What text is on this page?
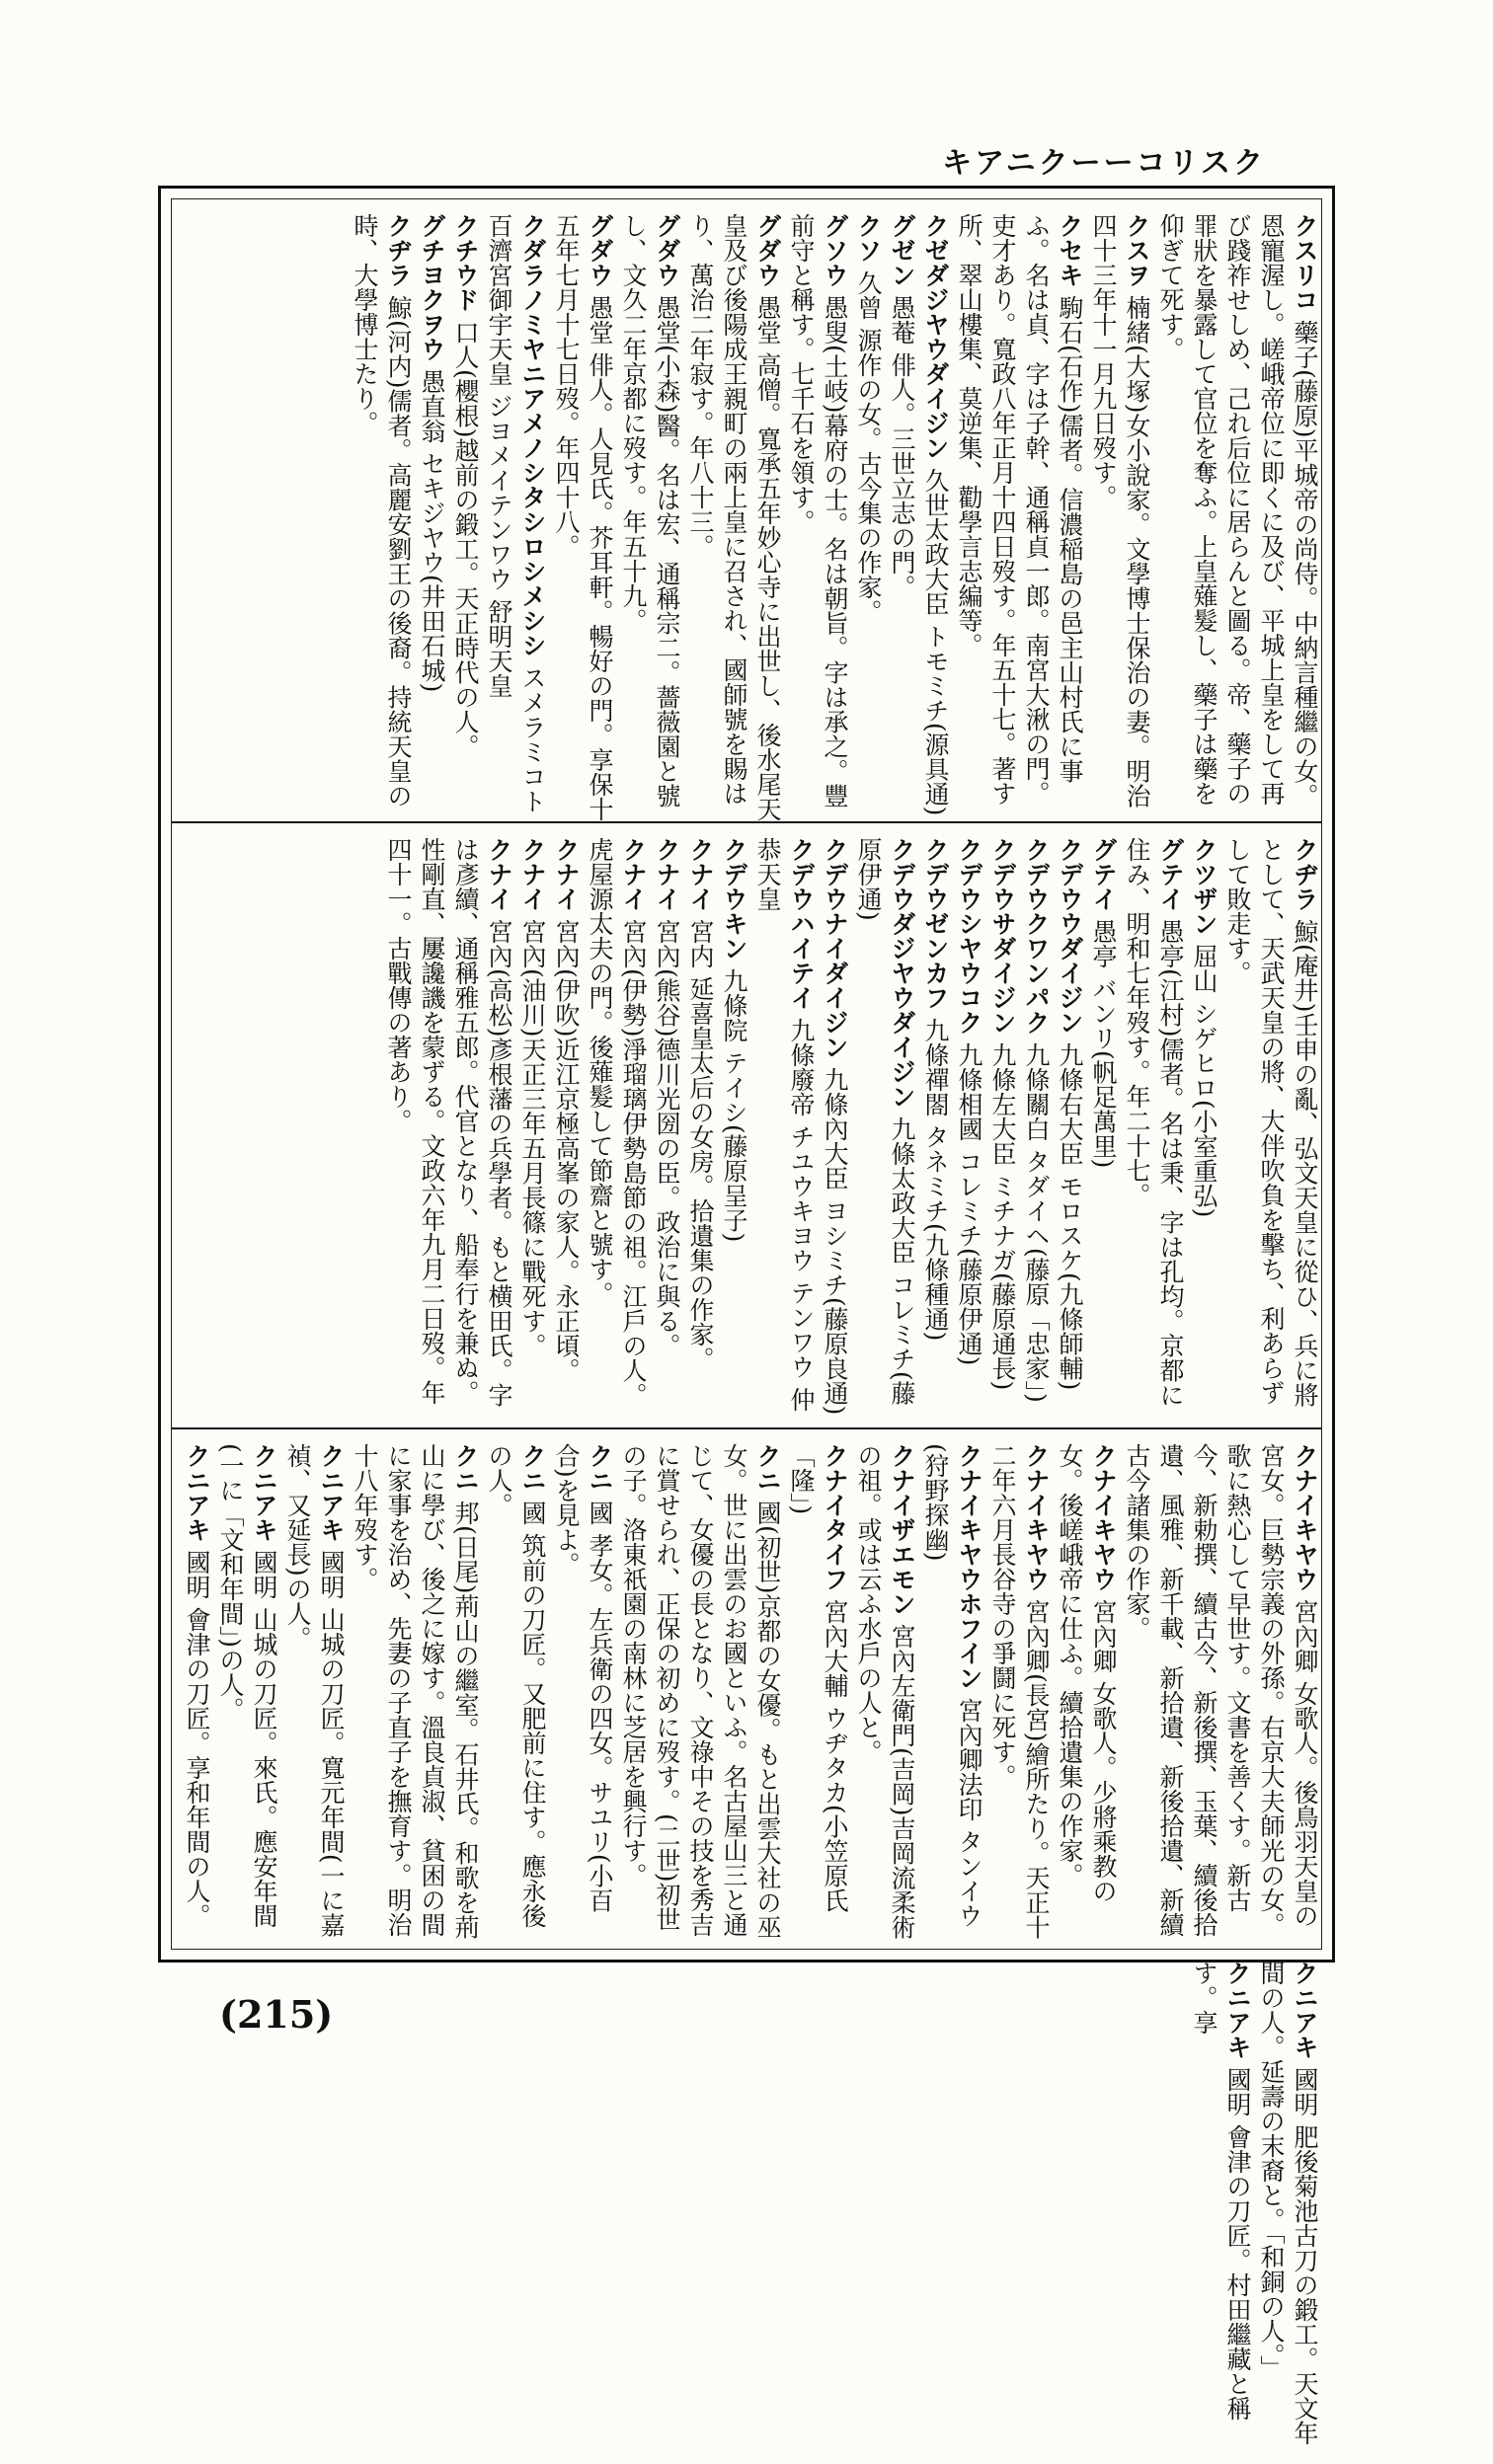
キアニクーーコリスク
クスリコ 藥子(藤原)平城帝の尚侍。中納言種繼の女。恩寵渥し。嵯峨帝位に即くに及び、平城上皇をして再び踐祚せしめ、己れ后位に居らんと圖る。帝、藥子の罪狀を暴露して官位を奪ふ。上皇薙髮し、藥子は藥を仰ぎて死す。
クスヲ 楠緒(大塚)女小說家。文學博士保治の妻。明治四十三年十一月九日歿す。
クセキ 駒石(石作)儒者。信濃稲島の邑主山村氏に事ふ。名は貞、字は子幹、通稱貞一郎。南宮大湫の門。吏才あり。寬政八年正月十四日歿す。年五十七。著す所、翠山樓集、莫逆集、勸學言志編等。
クゼダジヤウダイジン 久世太政大臣 トモミチ(源具通)
グゼン 愚菴 俳人。三世立志の門。
クソ 久曾 源作の女。古今集の作家。
グソウ 愚叟(土岐)幕府の士。名は朝旨。字は承之。豐前守と稱す。七千石を領す。
グダウ 愚堂 高僧。寬承五年妙心寺に出世し、後水尾天皇及び後陽成王親町の兩上皇に召され、國師號を賜はり、萬治二年寂す。年八十三。
グダウ 愚堂(小森)醫。名は宏、通稱宗二。薔薇園と號し、文久二年京都に歿す。年五十九。
グダウ 愚堂 俳人。人見氏。芥耳軒。暢好の門。享保十五年七月十七日歿。年四十八。
クダラノミヤニアメノシタシロシメシシ スメラミコト 百濟宮御宇天皇 ジヨメイテンワウ 舒明天皇
クチウド 口人(櫻根)越前の鍛工。天正時代の人。
グチヨクヲウ 愚直翁 セキジヤウ(井田石城)
クヂラ 鯨(河内)儒者。高麗安劉王の後裔。持統天皇の時、大學博士たり。
クヂラ 鯨(庵井)壬申の亂、弘文天皇に從ひ、兵に將として、天武天皇の將、大伴吹負を擊ち、利あらずして敗走す。
クツザン 屈山 シゲヒロ(小室重弘)
グテイ 愚亭(江村)儒者。名は秉、字は孔均。京都に住み、明和七年歿す。年二十七。
グテイ 愚亭 バンリ(帆足萬里)
クデウウダイジン 九條右大臣 モロスケ(九條師輔)
クデウクワンパク 九條關白 タダイヘ(藤原「忠家」)
クデウサダイジン 九條左大臣 ミチナガ(藤原通長)
クデウシヤウコク 九條相國 コレミチ(藤原伊通)
クデウゼンカフ 九條禪閤 タネミチ(九條種通)
クデウダジヤウダイジン 九條太政大臣 コレミチ(藤原伊通)
クデウナイダイジン 九條內大臣 ヨシミチ(藤原良通)
クデウハイテイ 九條廢帝 チユウキヨウ テンワウ 仲恭天皇
クデウキン 九條院 テイシ(藤原呈子)
クナイ 宮内 延喜皇太后の女房。拾遺集の作家。
クナイ 宮內(熊谷)德川光圀の臣。政治に與る。
クナイ 宮內(伊勢)淨瑠璃伊勢島節の祖。江戶の人。虎屋源太夫の門。後薙髮して節齋と號す。
クナイ 宮內(伊吹)近江京極高峯の家人。永正頃。
クナイ 宮內(油川)天正三年五月長篠に戰死す。
クナイ 宮內(高松)彥根藩の兵學者。もと横田氏。字は彥續、通稱雅五郎。代官となり、船奉行を兼ぬ。性剛直、屢讒譏を蒙ずる。文政六年九月二日歿。年四十一。古戰傳の著あり。
クナイキヤウ 宮內卿 女歌人。後鳥羽天皇の宮女。巨勢宗義の外孫。右京大夫師光の女。歌に熱心して早世す。文書を善くす。新古今、新勅撰、續古今、新後撰、玉葉、續後拾遺、風雅、新千載、新拾遺、新後拾遺、新續古今諸集の作家。
クナイキヤウ 宮內卿 女歌人。少將乘教の女。後嵯峨帝に仕ふ。續拾遺集の作家。
クナイキヤウ 宮內卿(長宮)繪所たり。天正十二年六月長谷寺の爭鬪に死す。
クナイキヤウホフイン 宮內卿法印 タンイウ(狩野探幽)
クナイザエモン 宮內左衛門(吉岡)吉岡流柔術の祖。或は云ふ水戶の人と。
クナイタイフ 宮內大輔 ウヂタカ(小笠原氏「隆」)
クニ 國(初世)京都の女優。もと出雲大社の巫女。世に出雲のお國といふ。名古屋山三と通じて、女優の長となり、文祿中その技を秀吉に賞せられ、正保の初めに歿す。(二世)初世の子。洛東祇園の南林に芝居を興行す。
クニ 國 孝女。左兵衛の四女。サユリ(小百合)を見よ。
クニ 國 筑前の刀匠。又肥前に住す。應永後の人。
クニ 邦(日尾)荊山の繼室。石井氏。和歌を荊山に學び、後之に嫁す。溫良貞淑、貧困の間に家事を治め、先妻の子直子を撫育す。明治十八年歿す。
クニアキ 國明 山城の刀匠。寬元年間(一に嘉禎、又延長)の人。
クニアキ 國明 山城の刀匠。來氏。應安年間(一に「文和年間」)の人。
クニアキ 國明 會津の刀匠。享和年間の人。
クニアキ 國明 肥後菊池古刀の鍛工。天文年間の人。延壽の末裔と。「和銅の人。」
クニアキ 國明 會津の刀匠。村田繼藏と稱す。享
(215)
